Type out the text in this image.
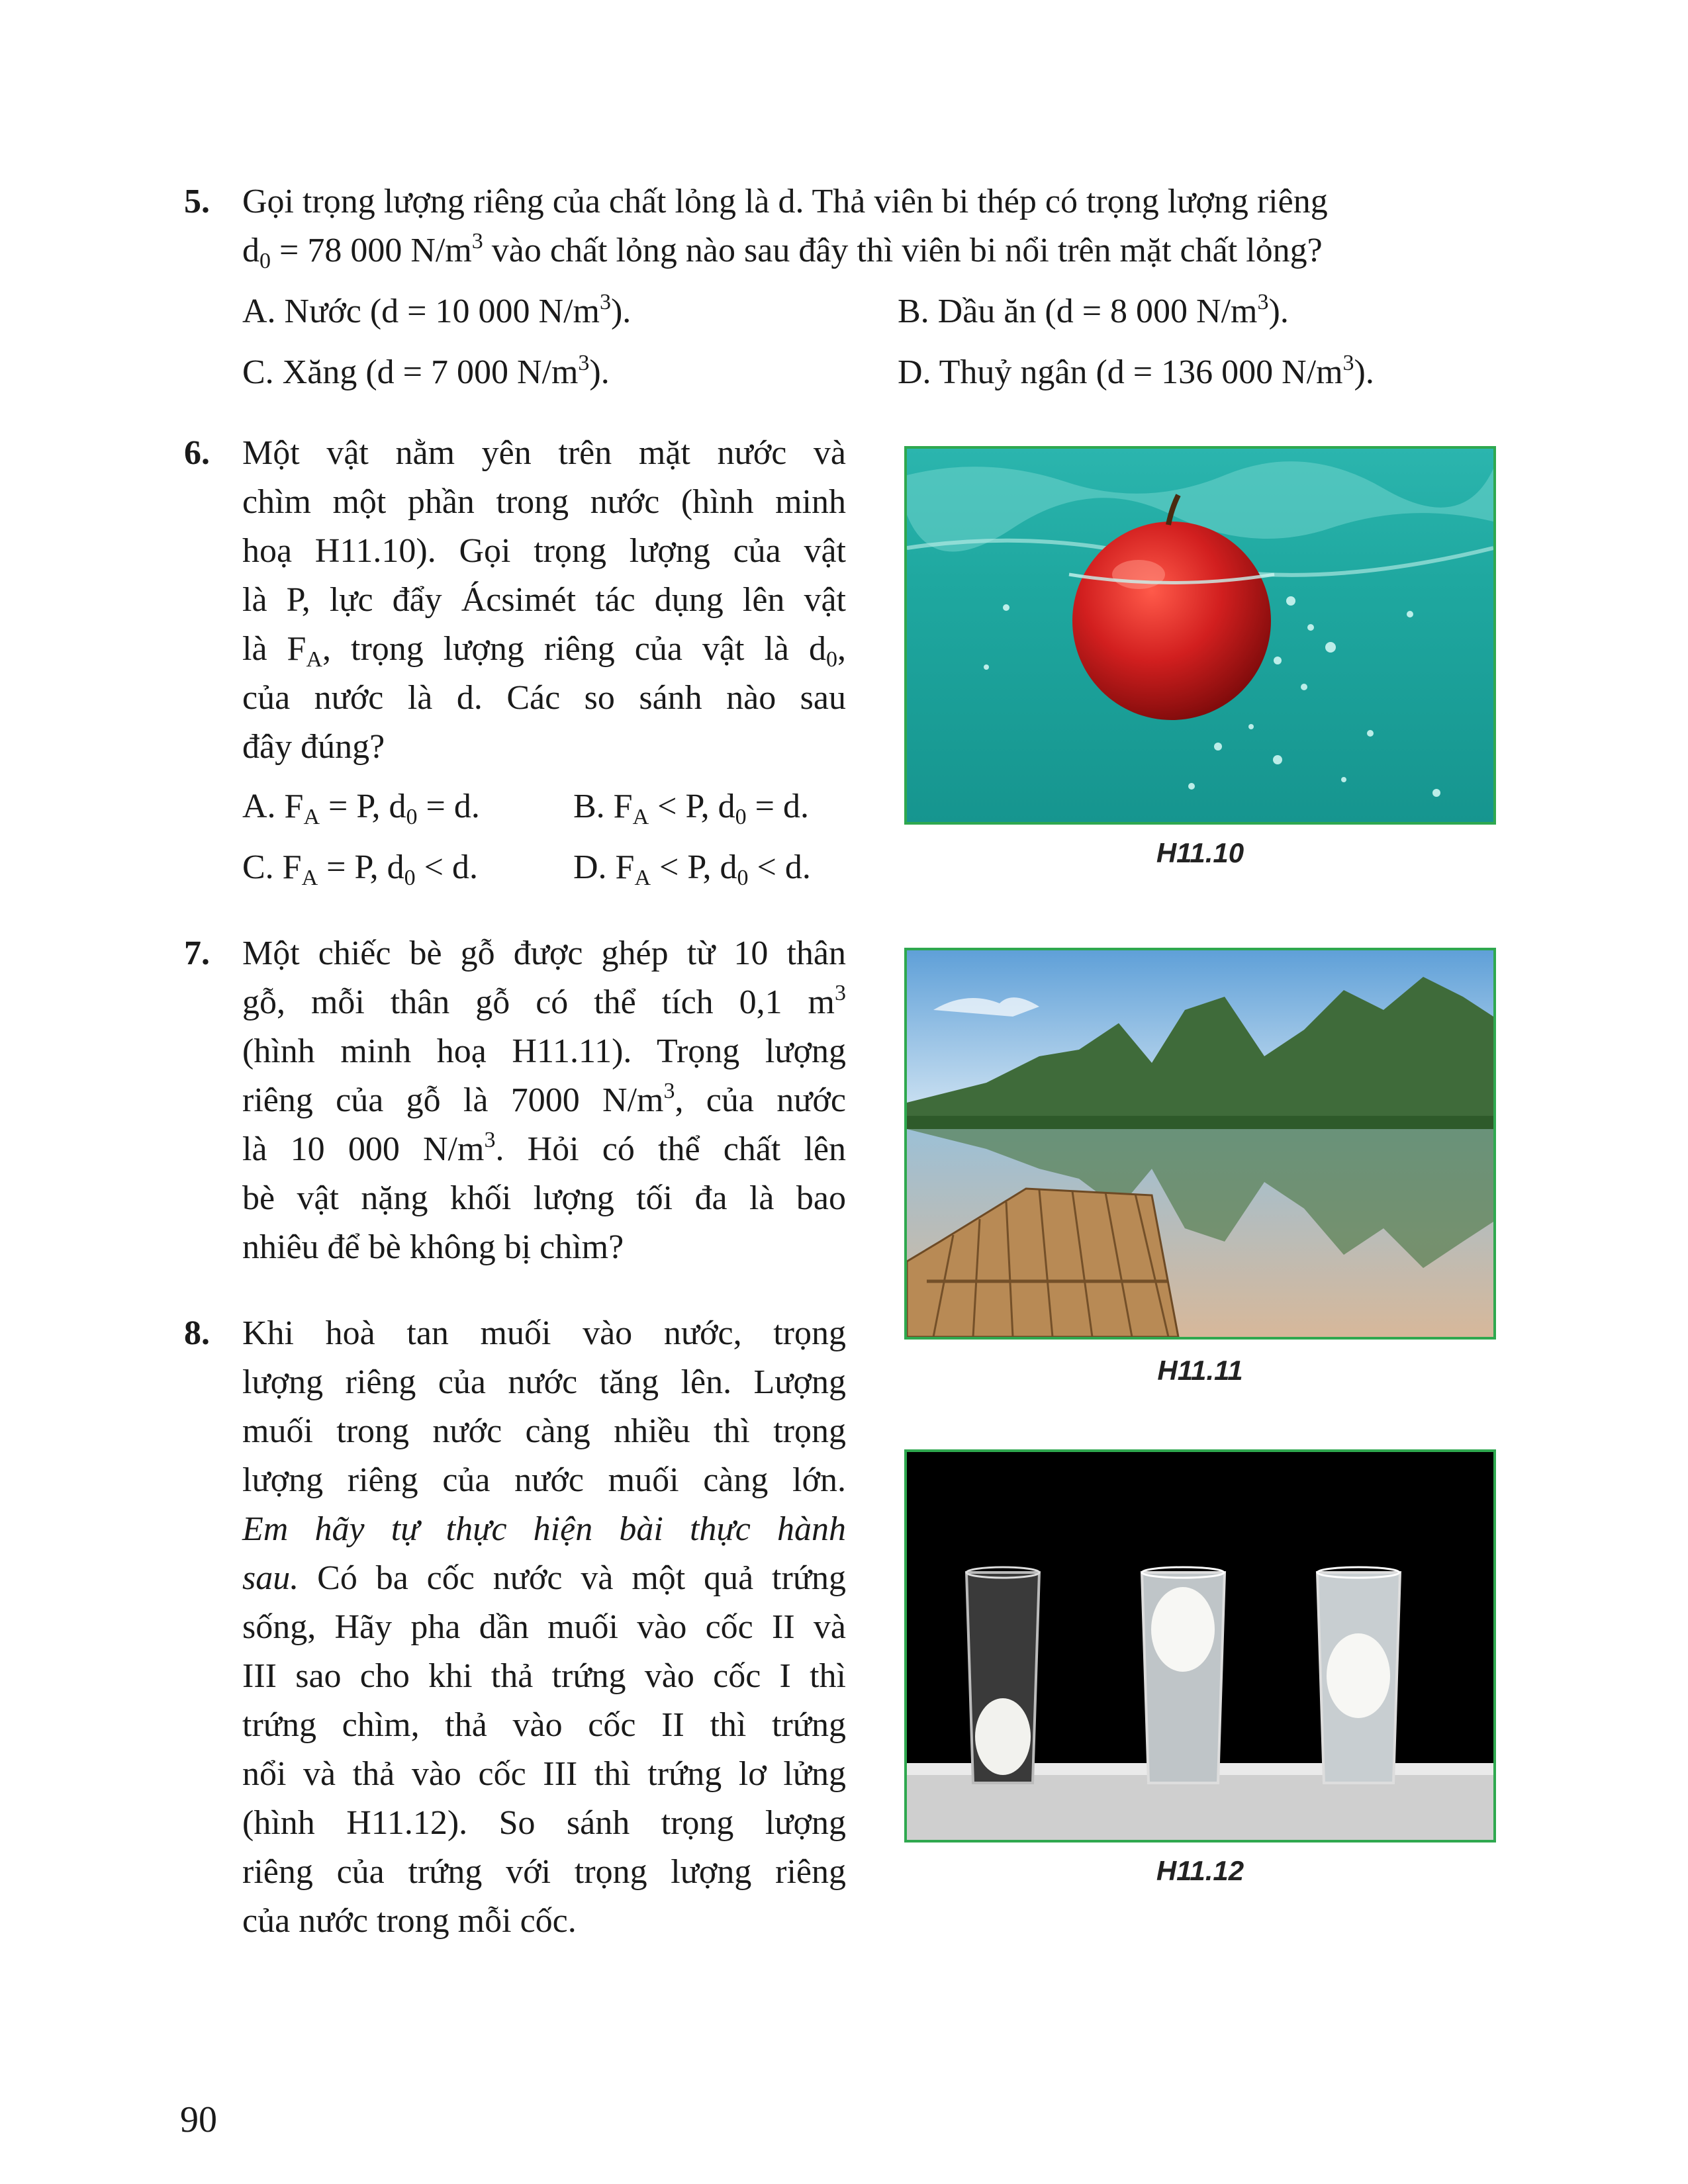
5. Gọi trọng lượng riêng của chất lỏng là d. Thả viên bi thép có trọng lượng riêng
$d_0 = 78$ 000 $N/m^3$ vào chất lỏng nào sau đây thì viên bi nổi trên mặt chất lỏng?
A. Nước (d = 10 000 $N/m^3$).	B. Dầu ăn (d = 8 000 $N/m^3$).
C. Xăng (d = 7 000 $N/m^3$).	D. Thuỷ ngân (d = 136 000 $N/m^3$).
6. Một vật nằm yên trên mặt nước và
chìm một phần trong nước (hình minh
hoạ H11.10). Gọi trọng lượng của vật
là P, lực đẩy Ácsimét tác dụng lên vật
là $F_A$, trọng lượng riêng của vật là $d_0$,
của nước là d. Các so sánh nào sau
đây đúng?
A. $F_A = P$, $d_0 = d$.	B. $F_A < P$, $d_0 = d$.
C. $F_A = P$, $d_0 < d$.	D. $F_A < P$, $d_0 < d$.
7. Một chiếc bè gỗ được ghép từ 10 thân
gỗ, mỗi thân gỗ có thể tích 0,1 $m^3$
(hình minh hoạ H11.11). Trọng lượng
riêng của gỗ là 7000 $N/m^3$, của nước
là 10 000 $N/m^3$. Hỏi có thể chất lên
bè vật nặng khối lượng tối đa là bao
nhiêu để bè không bị chìm?
8. Khi hoà tan muối vào nước, trọng
lượng riêng của nước tăng lên. Lượng
muối trong nước càng nhiều thì trọng
lượng riêng của nước muối càng lớn.
Em hãy tự thực hiện bài thực hành
sau. Có ba cốc nước và một quả trứng
sống, Hãy pha dần muối vào cốc II và
III sao cho khi thả trứng vào cốc I thì
trứng chìm, thả vào cốc II thì trứng
nổi và thả vào cốc III thì trứng lơ lửng
(hình H11.12). So sánh trọng lượng
riêng của trứng với trọng lượng riêng
của nước trong mỗi cốc.
H11.10
H11.11
H11.12
90
